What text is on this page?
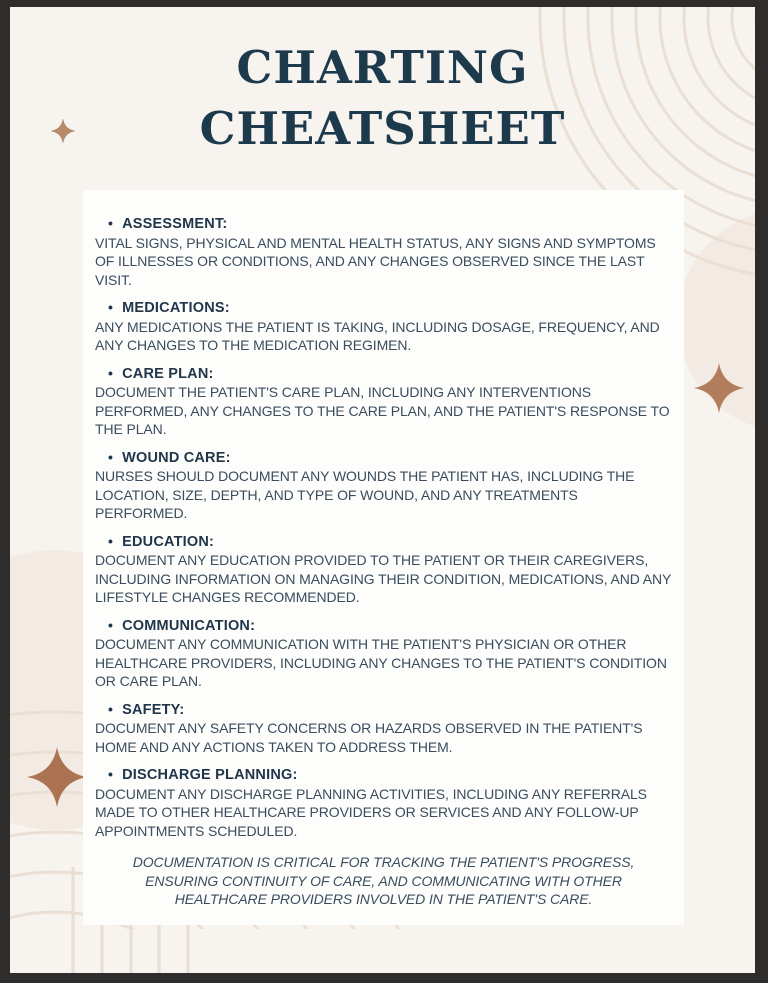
CHARTING
CHEATSHEET
• ASSESSMENT:

VITAL SIGNS, PHYSICAL AND MENTAL HEALTH STATUS, ANY SIGNS AND SYMPTOMS OF ILLNESSES OR CONDITIONS, AND ANY CHANGES OBSERVED SINCE THE LAST VISIT.

• MEDICATIONS:

ANY MEDICATIONS THE PATIENT IS TAKING, INCLUDING DOSAGE, FREQUENCY, AND ANY CHANGES TO THE MEDICATION REGIMEN.

• CARE PLAN:

DOCUMENT THE PATIENT'S CARE PLAN, INCLUDING ANY INTERVENTIONS PERFORMED, ANY CHANGES TO THE CARE PLAN, AND THE PATIENT'S RESPONSE TO THE PLAN.

• WOUND CARE:

NURSES SHOULD DOCUMENT ANY WOUNDS THE PATIENT HAS, INCLUDING THE LOCATION, SIZE, DEPTH, AND TYPE OF WOUND, AND ANY TREATMENTS PERFORMED.

• EDUCATION:

DOCUMENT ANY EDUCATION PROVIDED TO THE PATIENT OR THEIR CAREGIVERS, INCLUDING INFORMATION ON MANAGING THEIR CONDITION, MEDICATIONS, AND ANY LIFESTYLE CHANGES RECOMMENDED.

• COMMUNICATION:

DOCUMENT ANY COMMUNICATION WITH THE PATIENT'S PHYSICIAN OR OTHER HEALTHCARE PROVIDERS, INCLUDING ANY CHANGES TO THE PATIENT'S CONDITION OR CARE PLAN.

• SAFETY:

DOCUMENT ANY SAFETY CONCERNS OR HAZARDS OBSERVED IN THE PATIENT'S HOME AND ANY ACTIONS TAKEN TO ADDRESS THEM.

• DISCHARGE PLANNING:

DOCUMENT ANY DISCHARGE PLANNING ACTIVITIES, INCLUDING ANY REFERRALS MADE TO OTHER HEALTHCARE PROVIDERS OR SERVICES AND ANY FOLLOW-UP APPOINTMENTS SCHEDULED.

DOCUMENTATION IS CRITICAL FOR TRACKING THE PATIENT'S PROGRESS, ENSURING CONTINUITY OF CARE, AND COMMUNICATING WITH OTHER HEALTHCARE PROVIDERS INVOLVED IN THE PATIENT'S CARE.
